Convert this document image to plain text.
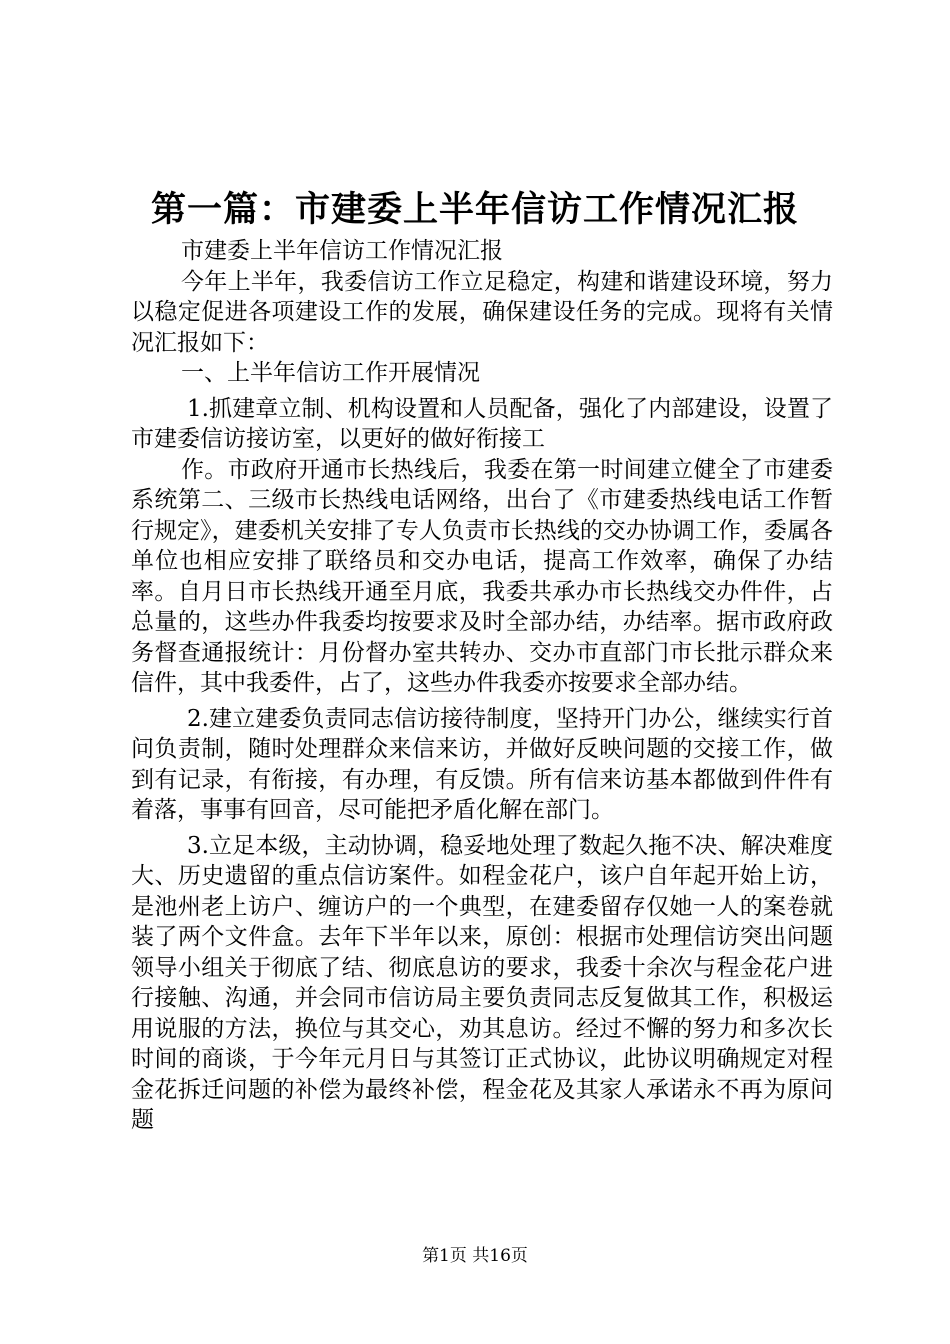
第一篇：市建委上半年信访工作情况汇报

市建委上半年信访工作情况汇报

今年上半年，我委信访工作立足稳定，构建和谐建设环境，努力以稳定促进各项建设工作的发展，确保建设任务的完成。现将有关情况汇报如下：

一、上半年信访工作开展情况

1.抓建章立制、机构设置和人员配备，强化了内部建设，设置了市建委信访接访室，以更好的做好衔接工

作。市政府开通市长热线后，我委在第一时间建立健全了市建委系统第二、三级市长热线电话网络，出台了《市建委热线电话工作暂行规定》，建委机关安排了专人负责市长热线的交办协调工作，委属各单位也相应安排了联络员和交办电话，提高工作效率，确保了办结率。自月日市长热线开通至月底，我委共承办市长热线交办件件，占总量的，这些办件我委均按要求及时全部办结，办结率。据市政府政务督查通报统计：月份督办室共转办、交办市直部门市长批示群众来信件，其中我委件，占了，这些办件我委亦按要求全部办结。

2.建立建委负责同志信访接待制度，坚持开门办公，继续实行首问负责制，随时处理群众来信来访，并做好反映问题的交接工作，做到有记录，有衔接，有办理，有反馈。所有信来访基本都做到件件有着落，事事有回音，尽可能把矛盾化解在部门。

3.立足本级，主动协调，稳妥地处理了数起久拖不决、解决难度大、历史遗留的重点信访案件。如程金花户，该户自年起开始上访，是池州老上访户、缠访户的一个典型，在建委留存仅她一人的案卷就装了两个文件盒。去年下半年以来，原创：根据市处理信访突出问题领导小组关于彻底了结、彻底息访的要求，我委十余次与程金花户进行接触、沟通，并会同市信访局主要负责同志反复做其工作，积极运用说服的方法，换位与其交心，劝其息访。经过不懈的努力和多次长时间的商谈，于今年元月日与其签订正式协议，此协议明确规定对程金花拆迁问题的补偿为最终补偿，程金花及其家人承诺永不再为原问题

第1页 共16页
